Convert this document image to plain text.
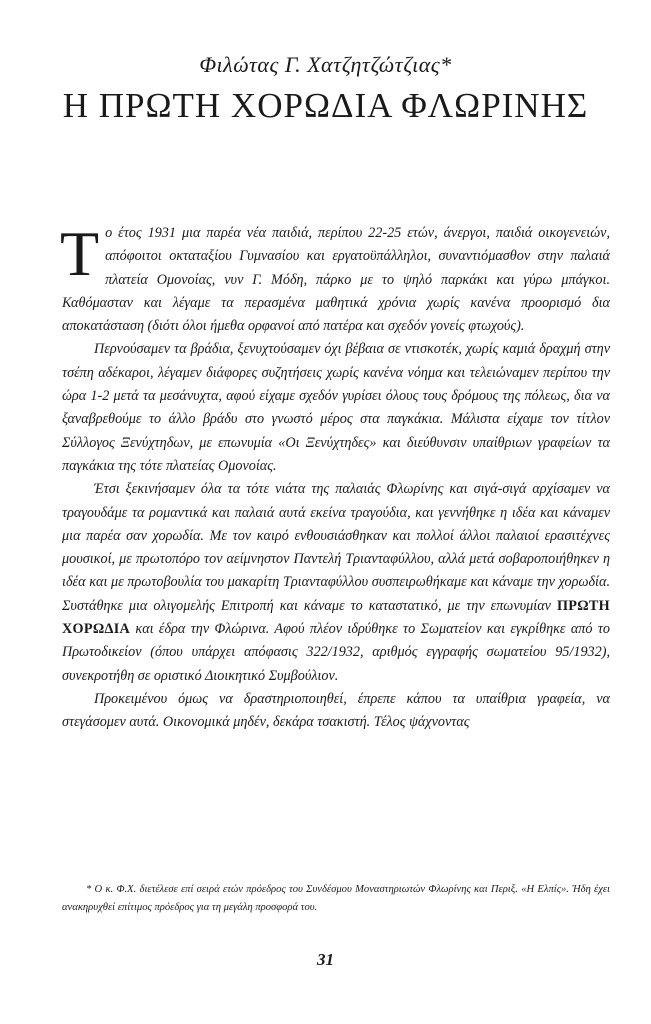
Φιλώτας Γ. Χατζητζώτζιας*
Η ΠΡΩΤΗ ΧΟΡΩΔΙΑ ΦΛΩΡΙΝΗΣ

Το έτος 1931 μια παρέα νέα παιδιά, περίπου 22-25 ετών, άνεργοι, παιδιά οικογενειών, απόφοιτοι οκταταξίου Γυμνασίου και εργατοϋπάλληλοι, συναντιόμασθον στην παλαιά πλατεία Ομονοίας, νυν Γ. Μόδη, πάρκο με το ψηλό παρκάκι και γύρω μπάγκοι. Καθόμασταν και λέγαμε τα περασμένα μαθητικά χρόνια χωρίς κανένα προορισμό δια αποκατάσταση (διότι όλοι ήμεθα ορφανοί από πατέρα και σχεδόν γονείς φτωχούς).

Περνούσαμεν τα βράδια, ξενυχτούσαμεν όχι βέβαια σε ντισκοτέκ, χωρίς καμιά δραχμή στην τσέπη αδέκαροι, λέγαμεν διάφορες συζητήσεις χωρίς κανένα νόημα και τελειώναμεν περίπου την ώρα 1-2 μετά τα μεσάνυχτα, αφού είχαμε σχεδόν γυρίσει όλους τους δρόμους της πόλεως, δια να ξαναβρεθούμε το άλλο βράδυ στο γνωστό μέρος στα παγκάκια. Μάλιστα είχαμε τον τίτλον Σύλλογος Ξενύχτηδων, με επωνυμία «Οι Ξενύχτηδες» και διεύθυνσιν υπαίθριων γραφείων τα παγκάκια της τότε πλατείας Ομονοίας.

Έτσι ξεκινήσαμεν όλα τα τότε νιάτα της παλαιάς Φλωρίνης και σιγά-σιγά αρχίσαμεν να τραγουδάμε τα ρομαντικά και παλαιά αυτά εκείνα τραγούδια, και γεννήθηκε η ιδέα και κάναμεν μια παρέα σαν χορωδία. Με τον καιρό ενθουσιάσθηκαν και πολλοί άλλοι παλαιοί ερασιτέχνες μουσικοί, με πρωτοπόρο τον αείμνηστον Παντελή Τριανταφύλλου, αλλά μετά σοβαροποιήθηκεν η ιδέα και με πρωτοβουλία του μακαρίτη Τριανταφύλλου συσπειρωθήκαμε και κάναμε την χορωδία. Συστάθηκε μια ολιγομελής Επιτροπή και κάναμε το καταστατικό, με την επωνυμίαν ΠΡΩΤΗ ΧΟΡΩΔΙΑ και έδρα την Φλώρινα. Αφού πλέον ιδρύθηκε το Σωματείον και εγκρίθηκε από το Πρωτοδικείον (όπου υπάρχει απόφασις 322/1932, αριθμός εγγραφής σωματείου 95/1932), συνεκροτήθη σε οριστικό Διοικητικό Συμβούλιον.

Προκειμένου όμως να δραστηριοποιηθεί, έπρεπε κάπου τα υπαίθρια γραφεία, να στεγάσομεν αυτά. Οικονομικά μηδέν, δεκάρα τσακιστή. Τέλος ψάχνοντας

* Ο κ. Φ.Χ. διετέλεσε επί σειρά ετών πρόεδρος του Συνδέσμου Μοναστηριωτών Φλωρίνης και Περιξ. «Η Ελπίς». Ήδη έχει ανακηρυχθεί επίτιμος πρόεδρος για τη μεγάλη προσφορά του.
31
